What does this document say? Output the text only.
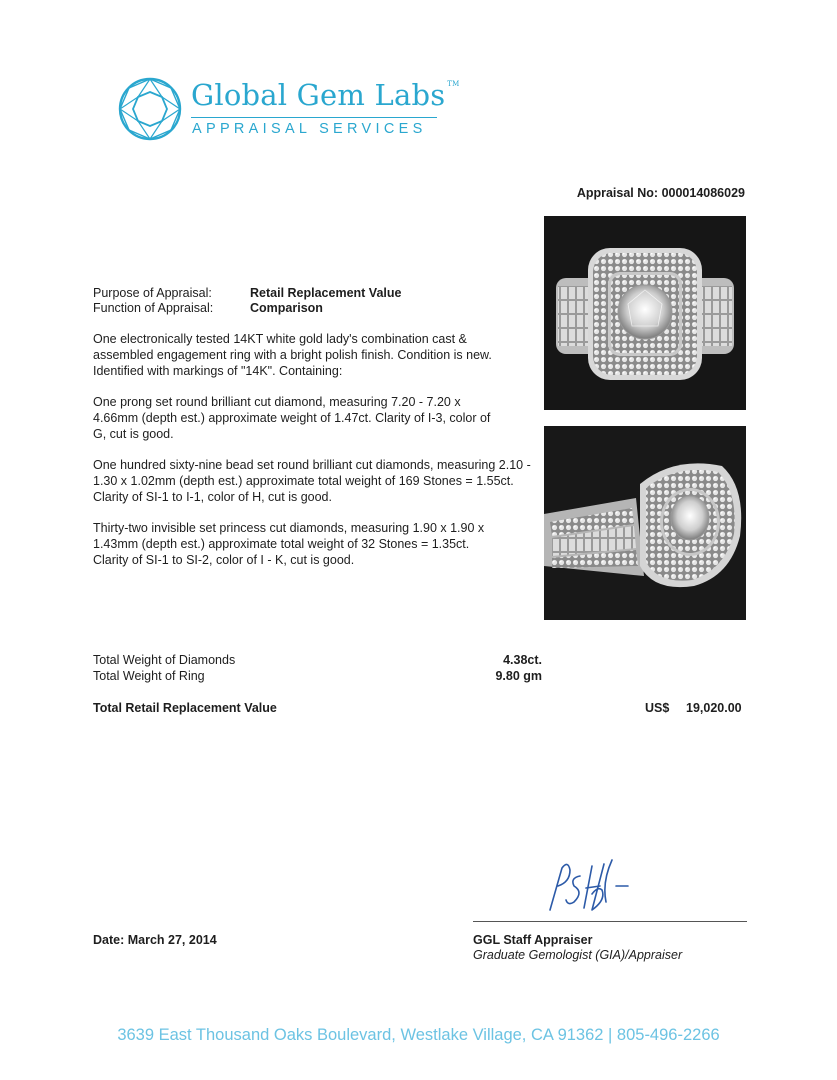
Global Gem Labs ™
APPRAISAL SERVICES
Appraisal No: 000014086029
Purpose of Appraisal:	Retail Replacement Value
Function of Appraisal:	Comparison

One electronically tested 14KT white gold lady's combination cast & assembled engagement ring with a bright polish finish. Condition is new. Identified with markings of "14K". Containing:

One prong set round brilliant cut diamond, measuring 7.20 - 7.20 x 4.66mm (depth est.) approximate weight of 1.47ct. Clarity of I-3, color of G, cut is good.

One hundred sixty-nine bead set round brilliant cut diamonds, measuring 2.10 - 1.30 x 1.02mm (depth est.) approximate total weight of 169 Stones = 1.55ct. Clarity of SI-1 to I-1, color of H, cut is good.

Thirty-two invisible set princess cut diamonds, measuring 1.90 x 1.90 x 1.43mm (depth est.) approximate total weight of 32 Stones = 1.35ct. Clarity of SI-1 to SI-2, color of I - K, cut is good.

Total Weight of Diamonds	4.38ct.
Total Weight of Ring	9.80 gm
Total Retail Replacement Value	US$ 19,020.00
Date: March 27, 2014	GGL Staff Appraiser
Graduate Gemologist (GIA)/Appraiser
3639 East Thousand Oaks Boulevard, Westlake Village, CA 91362 | 805-496-2266
